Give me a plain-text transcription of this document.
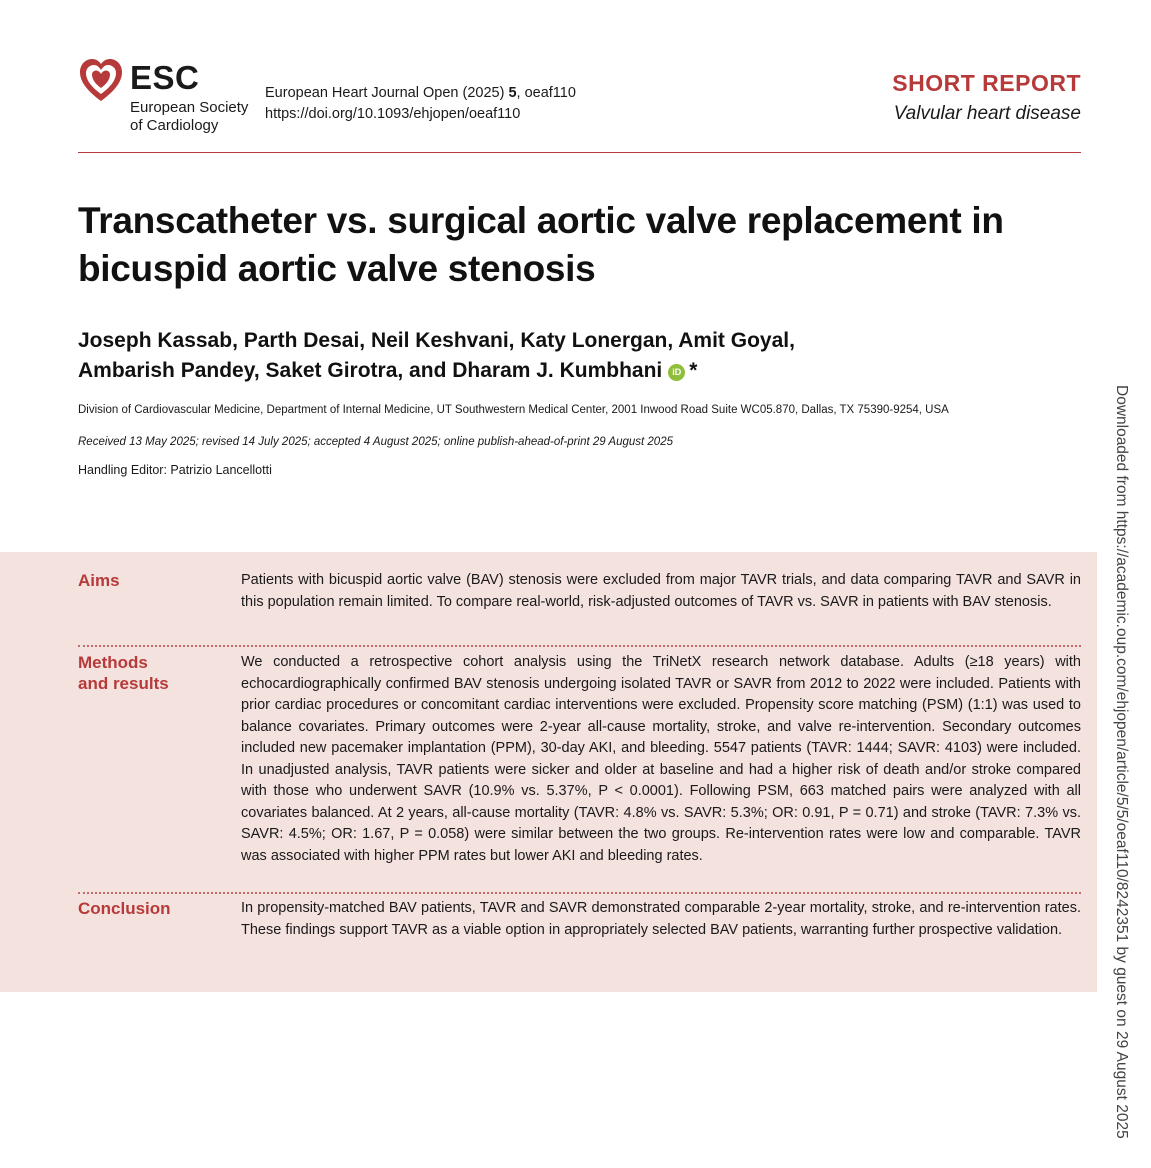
ESC
European Society
of Cardiology
European Heart Journal Open (2025) 5, oeaf110
https://doi.org/10.1093/ehjopen/oeaf110
SHORT REPORT
Valvular heart disease
Transcatheter vs. surgical aortic valve replacement in bicuspid aortic valve stenosis

Joseph Kassab, Parth Desai, Neil Keshvani, Katy Lonergan, Amit Goyal,
Ambarish Pandey, Saket Girotra, and Dharam J. Kumbhani iD *

Division of Cardiovascular Medicine, Department of Internal Medicine, UT Southwestern Medical Center, 2001 Inwood Road Suite WC05.870, Dallas, TX 75390-9254, USA
Received 13 May 2025; revised 14 July 2025; accepted 4 August 2025; online publish-ahead-of-print 29 August 2025
Handling Editor: Patrizio Lancellotti	Downloaded from https://academic.oup.com/ehjopen/article/5/5/oeaf110/8242351 by guest on 29 August 2025
Aims	Patients with bicuspid aortic valve (BAV) stenosis were excluded from major TAVR trials, and data comparing TAVR and SAVR in this population remain limited. To compare real-world, risk-adjusted outcomes of TAVR vs. SAVR in patients with BAV stenosis.

Methods
and results

We conducted a retrospective cohort analysis using the TriNetX research network database. Adults (≥18 years) with echocardiographically confirmed BAV stenosis undergoing isolated TAVR or SAVR from 2012 to 2022 were included. Patients with prior cardiac procedures or concomitant cardiac interventions were excluded. Propensity score matching (PSM) (1:1) was used to balance covariates. Primary outcomes were 2-year all-cause mortality, stroke, and valve re-intervention. Secondary outcomes included new pacemaker implantation (PPM), 30-day AKI, and bleeding. 5547 patients (TAVR: 1444; SAVR: 4103) were included. In unadjusted analysis, TAVR patients were sicker and older at baseline and had a higher risk of death and/or stroke compared with those who underwent SAVR (10.9% vs. 5.37%, P < 0.0001). Following PSM, 663 matched pairs were analyzed with all covariates balanced. At 2 years, all-cause mortality (TAVR: 4.8% vs. SAVR: 5.3%; OR: 0.91, P = 0.71) and stroke (TAVR: 7.3% vs. SAVR: 4.5%; OR: 1.67, P = 0.058) were similar between the two groups. Re-intervention rates were low and comparable. TAVR was associated with higher PPM rates but lower AKI and bleeding rates.

Conclusion	In propensity-matched BAV patients, TAVR and SAVR demonstrated comparable 2-year mortality, stroke, and re-intervention rates. These findings support TAVR as a viable option in appropriately selected BAV patients, warranting further prospective validation.
